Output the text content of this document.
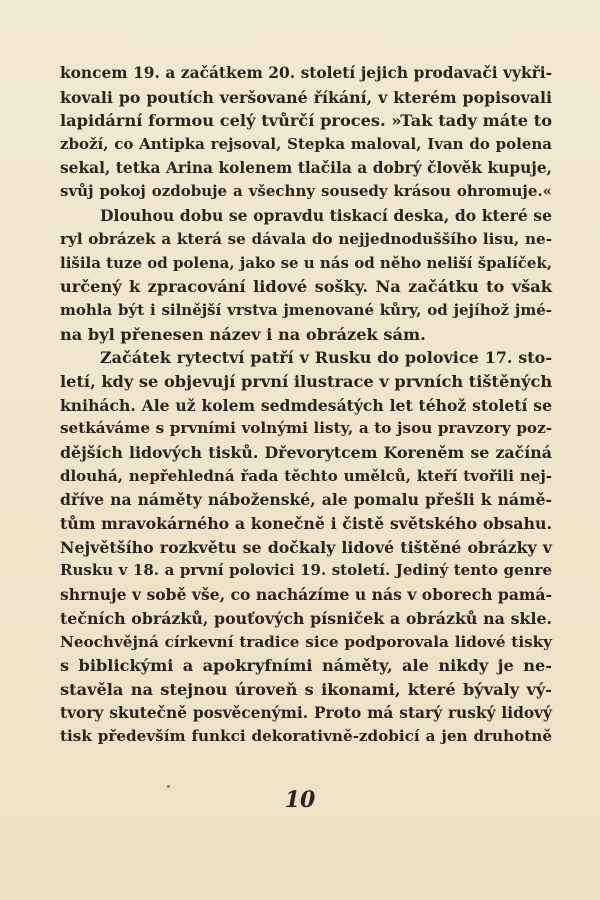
koncem 19. a začátkem 20. století jejich prodavači vykři-
kovali po poutích veršované říkání, v kterém popisovali
lapidární formou celý tvůrčí proces. »Tak tady máte to
zboží, co Antipka rejsoval, Stepka maloval, Ivan do polena
sekal, tetka Arina kolenem tlačila a dobrý člověk kupuje,
svůj pokoj ozdobuje a všechny sousedy krásou ohromuje.«
Dlouhou dobu se opravdu tiskací deska, do které se
ryl obrázek a která se dávala do nejjednoduššího lisu, ne-
lišila tuze od polena, jako se u nás od něho neliší špalíček,
určený k zpracování lidové sošky. Na začátku to však
mohla být i silnější vrstva jmenované kůry, od jejíhož jmé-
na byl přenesen název i na obrázek sám.
Začátek rytectví patří v Rusku do polovice 17. sto-
letí, kdy se objevují první ilustrace v prvních tištěných
knihách. Ale už kolem sedmdesátých let téhož století se
setkáváme s prvními volnými listy, a to jsou pravzory poz-
dějších lidových tisků. Dřevorytcem Koreněm se začíná
dlouhá, nepřehledná řada těchto umělců, kteří tvořili nej-
dříve na náměty náboženské, ale pomalu přešli k námě-
tům mravokárného a konečně i čistě světského obsahu.
Největšího rozkvětu se dočkaly lidové tištěné obrázky v
Rusku v 18. a první polovici 19. století. Jediný tento genre
shrnuje v sobě vše, co nacházíme u nás v oborech pamá-
tečních obrázků, pouťových písniček a obrázků na skle.
Neochvějná církevní tradice sice podporovala lidové tisky
s biblickými a apokryfními náměty, ale nikdy je ne-
stavěla na stejnou úroveň s ikonami, které bývaly vý-
tvory skutečně posvěcenými. Proto má starý ruský lidový
tisk především funkci dekorativně-zdobicí a jen druhotně
10
